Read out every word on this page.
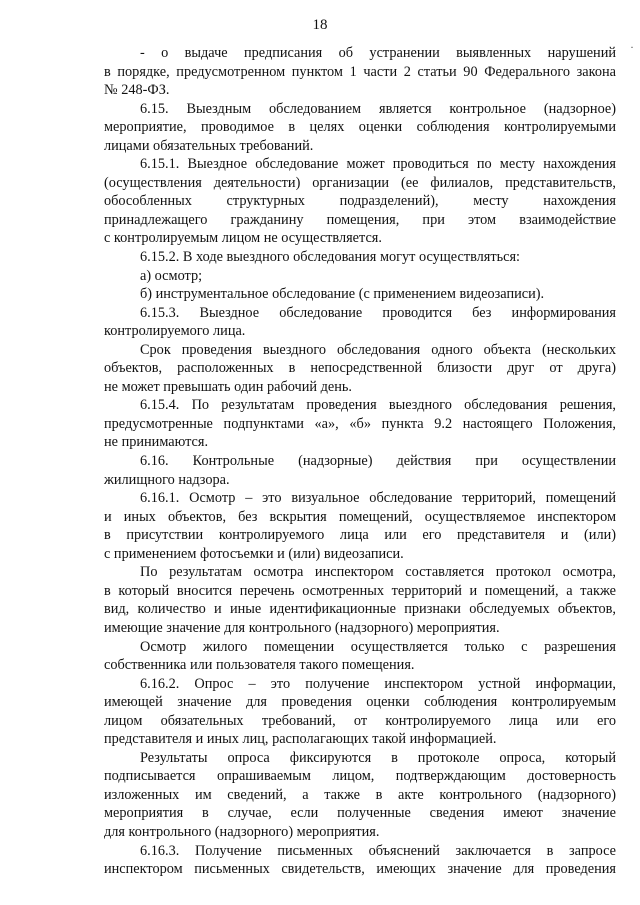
18
·
- о выдаче предписания об устранении выявленных нарушений
в порядке, предусмотренном пунктом 1 части 2 статьи 90 Федерального закона
№ 248-ФЗ.
6.15. Выездным обследованием является контрольное (надзорное)
мероприятие, проводимое в целях оценки соблюдения контролируемыми
лицами обязательных требований.
6.15.1. Выездное обследование может проводиться по месту нахождения
(осуществления деятельности) организации (ее филиалов, представительств,
обособленных структурных подразделений), месту нахождения
принадлежащего гражданину помещения, при этом взаимодействие
с контролируемым лицом не осуществляется.
6.15.2. В ходе выездного обследования могут осуществляться:
а) осмотр;
б) инструментальное обследование (с применением видеозаписи).
6.15.3. Выездное обследование проводится без информирования
контролируемого лица.
Срок проведения выездного обследования одного объекта (нескольких
объектов, расположенных в непосредственной близости друг от друга)
не может превышать один рабочий день.
6.15.4. По результатам проведения выездного обследования решения,
предусмотренные подпунктами «а», «б» пункта 9.2 настоящего Положения,
не принимаются.
6.16. Контрольные (надзорные) действия при осуществлении
жилищного надзора.
6.16.1. Осмотр – это визуальное обследование территорий, помещений
и иных объектов, без вскрытия помещений, осуществляемое инспектором
в присутствии контролируемого лица или его представителя и (или)
с применением фотосъемки и (или) видеозаписи.
По результатам осмотра инспектором составляется протокол осмотра,
в который вносится перечень осмотренных территорий и помещений, а также
вид, количество и иные идентификационные признаки обследуемых объектов,
имеющие значение для контрольного (надзорного) мероприятия.
Осмотр жилого помещении осуществляется только с разрешения
собственника или пользователя такого помещения.
6.16.2. Опрос – это получение инспектором устной информации,
имеющей значение для проведения оценки соблюдения контролируемым
лицом обязательных требований, от контролируемого лица или его
представителя и иных лиц, располагающих такой информацией.
Результаты опроса фиксируются в протоколе опроса, который
подписывается опрашиваемым лицом, подтверждающим достоверность
изложенных им сведений, а также в акте контрольного (надзорного)
мероприятия в случае, если полученные сведения имеют значение
для контрольного (надзорного) мероприятия.
6.16.3. Получение письменных объяснений заключается в запросе
инспектором письменных свидетельств, имеющих значение для проведения
